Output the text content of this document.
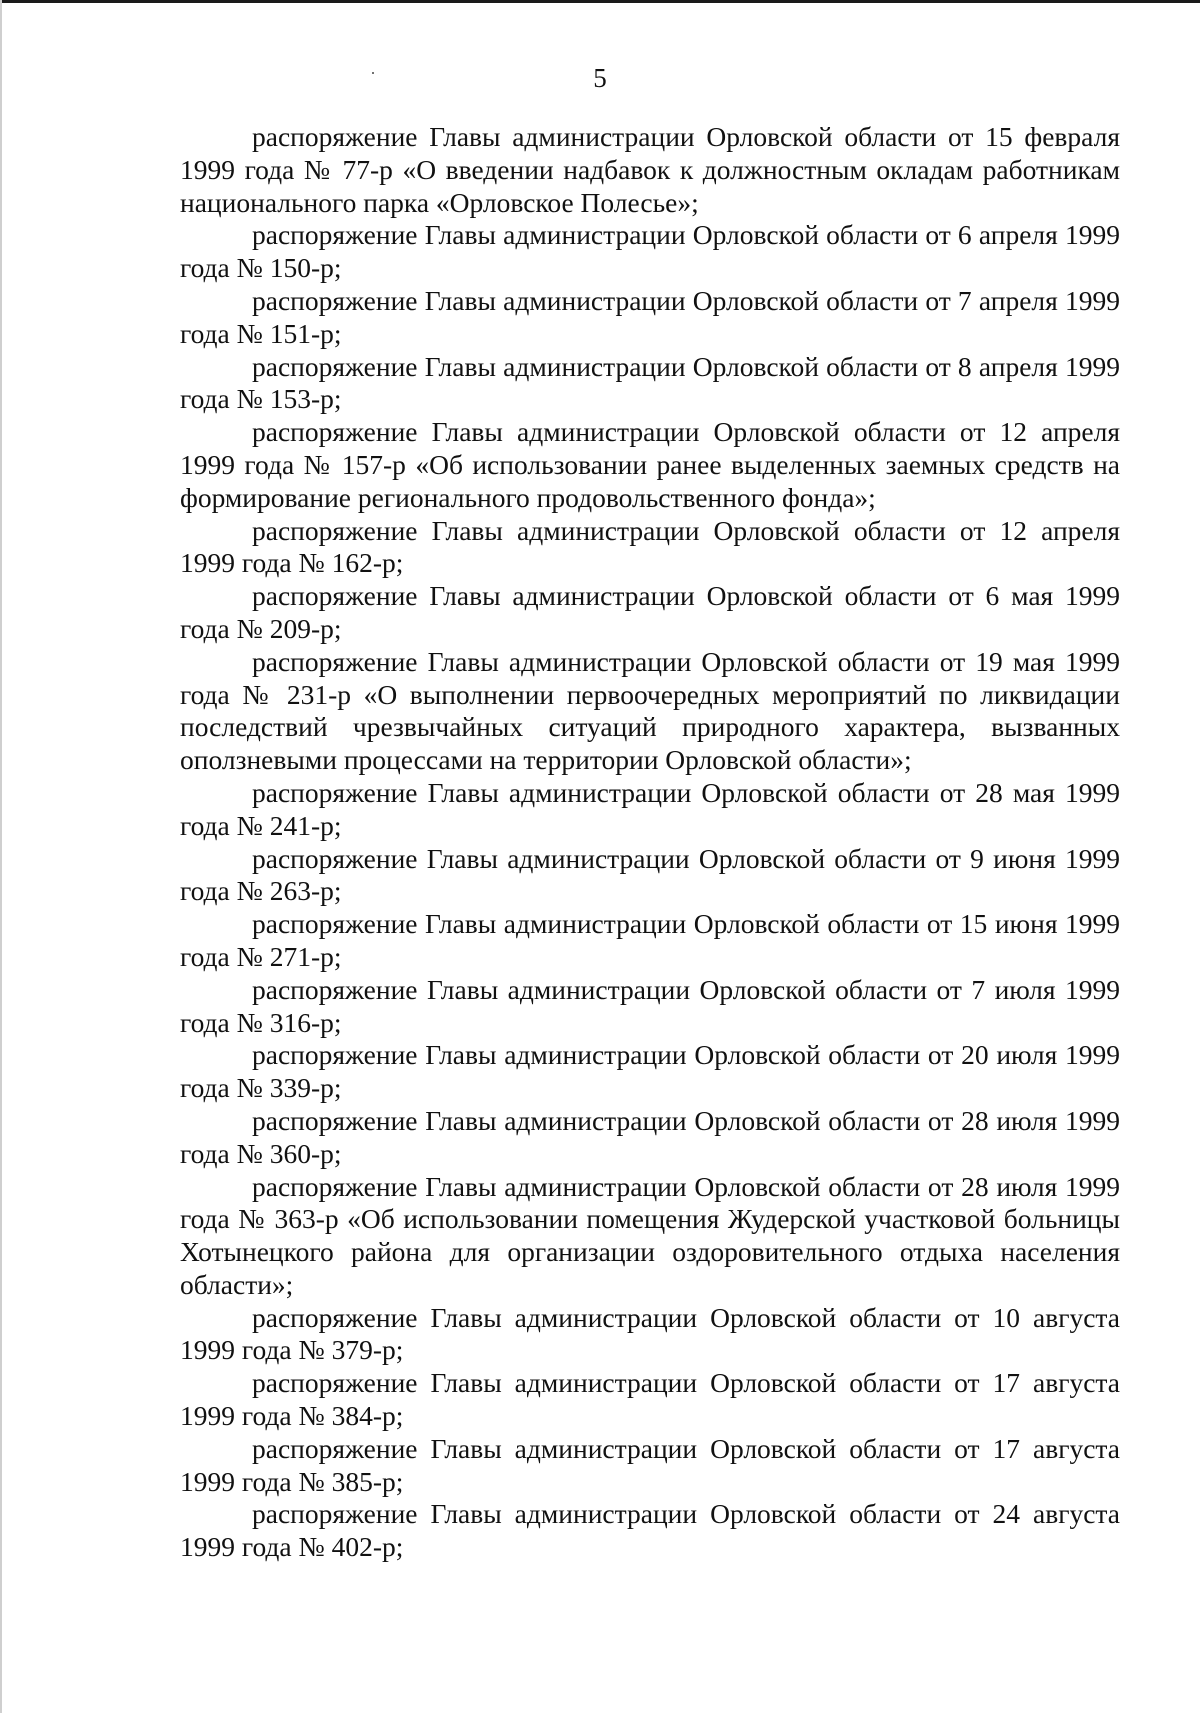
5

распоряжение Главы администрации Орловской области от 15 февраля 1999 года № 77-р «О введении надбавок к должностным окладам работникам национального парка «Орловское Полесье»;

распоряжение Главы администрации Орловской области от 6 апреля 1999 года № 150-р;

распоряжение Главы администрации Орловской области от 7 апреля 1999 года № 151-р;

распоряжение Главы администрации Орловской области от 8 апреля 1999 года № 153-р;

распоряжение Главы администрации Орловской области от 12 апреля 1999 года № 157-р «Об использовании ранее выделенных заемных средств на формирование регионального продовольственного фонда»;

распоряжение Главы администрации Орловской области от 12 апреля 1999 года № 162-р;

распоряжение Главы администрации Орловской области от 6 мая 1999 года № 209-р;

распоряжение Главы администрации Орловской области от 19 мая 1999 года № 231-р «О выполнении первоочередных мероприятий по ликвидации последствий чрезвычайных ситуаций природного характера, вызванных оползневыми процессами на территории Орловской области»;

распоряжение Главы администрации Орловской области от 28 мая 1999 года № 241-р;

распоряжение Главы администрации Орловской области от 9 июня 1999 года № 263-р;

распоряжение Главы администрации Орловской области от 15 июня 1999 года № 271-р;

распоряжение Главы администрации Орловской области от 7 июля 1999 года № 316-р;

распоряжение Главы администрации Орловской области от 20 июля 1999 года № 339-р;

распоряжение Главы администрации Орловской области от 28 июля 1999 года № 360-р;

распоряжение Главы администрации Орловской области от 28 июля 1999 года № 363-р «Об использовании помещения Жудерской участковой больницы Хотынецкого района для организации оздоровительного отдыха населения области»;

распоряжение Главы администрации Орловской области от 10 августа 1999 года № 379-р;

распоряжение Главы администрации Орловской области от 17 августа 1999 года № 384-р;

распоряжение Главы администрации Орловской области от 17 августа 1999 года № 385-р;

распоряжение Главы администрации Орловской области от 24 августа 1999 года № 402-р;
